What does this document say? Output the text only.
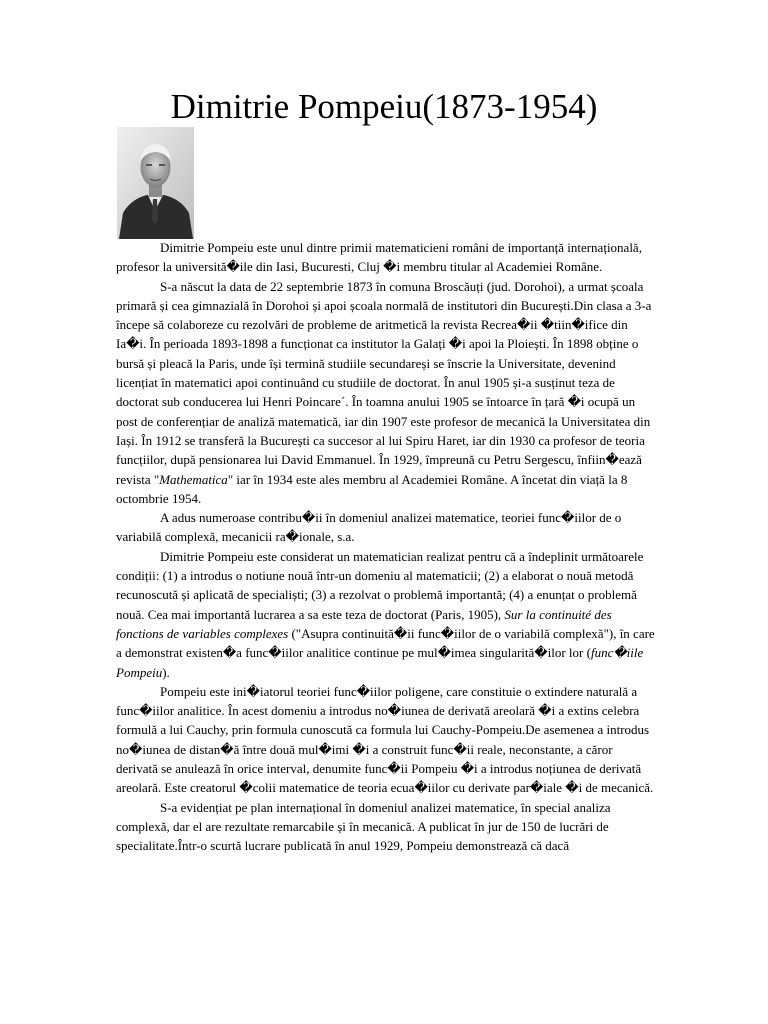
Dimitrie Pompeiu(1873-1954)

Dimitrie Pompeiu este unul dintre primii matematicieni români de importanță internațională, profesor la universită�ile din Iasi, Bucuresti, Cluj �i membru titular al Academiei Române.

S-a născut la data de 22 septembrie 1873 în comuna Broscăuți (jud. Dorohoi), a urmat școala primară și cea gimnazială în Dorohoi și apoi școala normală de institutori din București.Din clasa a 3-a începe să colaboreze cu rezolvări de probleme de aritmetică la revista Recrea�ii �tiin�ifice din Ia�i. În perioada 1893-1898 a funcționat ca institutor la Galați �i apoi la Ploiești. În 1898 obține o bursă și pleacă la Paris, unde își termină studiile secundareși se înscrie la Universitate, devenind licențiat în matematici apoi continuând cu studiile de doctorat. În anul 1905 și-a susținut teza de doctorat sub conducerea lui Henri Poincare´. În toamna anului 1905 se întoarce în țară �i ocupă un post de conferențiar de analiză matematică, iar din 1907 este profesor de mecanică la Universitatea din Iași. În 1912 se transferă la București ca succesor al lui Spiru Haret, iar din 1930 ca profesor de teoria funcțiilor, după pensionarea lui David Emmanuel. În 1929, împreună cu Petru Sergescu, înfiin�ează revista "Mathematica" iar în 1934 este ales membru al Academiei Române. A încetat din viață la 8 octombrie 1954.

A adus numeroase contribu�ii în domeniul analizei matematice, teoriei func�iilor de o variabilă complexă, mecanicii ra�ionale, s.a.

Dimitrie Pompeiu este considerat un matematician realizat pentru că a îndeplinit următoarele condiții: (1) a introdus o notiune nouă într-un domeniu al matematicii; (2) a elaborat o nouă metodă recunoscută și aplicată de specialiști; (3) a rezolvat o problemă importantă; (4) a enunțat o problemă nouă. Cea mai importantă lucrarea a sa este teza de doctorat (Paris, 1905), Sur la continuité des fonctions de variables complexes ("Asupra continuită�ii func�iilor de o variabilă complexă"), în care a demonstrat existen�a func�iilor analitice continue pe mul�imea singularită�ilor lor (func�iile Pompeiu).

Pompeiu este ini�iatorul teoriei func�iilor poligene, care constituie o extindere naturală a func�iilor analitice. În acest domeniu a introdus no�iunea de derivată areolară �i a extins celebra formulă a lui Cauchy, prin formula cunoscută ca formula lui Cauchy-Pompeiu.De asemenea a introdus no�iunea de distan�ă între două mul�imi �i a construit func�ii reale, neconstante, a căror derivată se anulează în orice interval, denumite func�ii Pompeiu �i a introdus noțiunea de derivată areolară. Este creatorul �colii matematice de teoria ecua�iilor cu derivate par�iale �i de mecanică.

S-a evidențiat pe plan internațional în domeniul analizei matematice, în special analiza complexă, dar el are rezultate remarcabile și în mecanică. A publicat în jur de 150 de lucrări de specialitate.Într-o scurtă lucrare publicată în anul 1929, Pompeiu demonstrează că dacă
